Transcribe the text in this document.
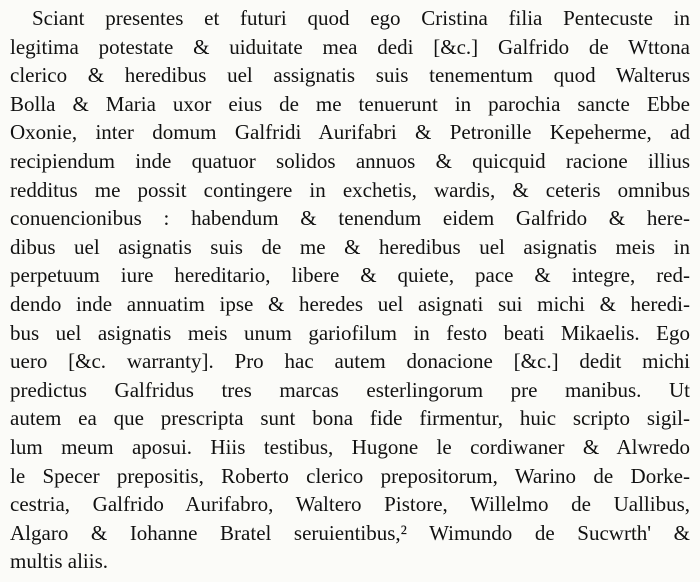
Sciant presentes et futuri quod ego Cristina filia Pentecuste in
legitima potestate & uiduitate mea dedi [&c.] Galfrido de Wttona
clerico & heredibus uel assignatis suis tenementum quod Walterus
Bolla & Maria uxor eius de me tenuerunt in parochia sancte Ebbe
Oxonie, inter domum Galfridi Aurifabri & Petronille Kepeherme, ad
recipiendum inde quatuor solidos annuos & quicquid racione illius
redditus me possit contingere in exchetis, wardis, & ceteris omnibus
conuencionibus : habendum & tenendum eidem Galfrido & here-
dibus uel asignatis suis de me & heredibus uel asignatis meis in
perpetuum iure hereditario, libere & quiete, pace & integre, red-
dendo inde annuatim ipse & heredes uel asignati sui michi & heredi-
bus uel asignatis meis unum gariofilum in festo beati Mikaelis. Ego
uero [&c. warranty]. Pro hac autem donacione [&c.] dedit michi
predictus Galfridus tres marcas esterlingorum pre manibus. Ut
autem ea que prescripta sunt bona fide firmentur, huic scripto sigil-
lum meum aposui. Hiis testibus, Hugone le cordiwaner & Alwredo
le Specer prepositis, Roberto clerico prepositorum, Warino de Dorke-
cestria, Galfrido Aurifabro, Waltero Pistore, Willelmo de Uallibus,
Algaro & Iohanne Bratel seruientibus,² Wimundo de Sucwrth' &
multis aliis.
